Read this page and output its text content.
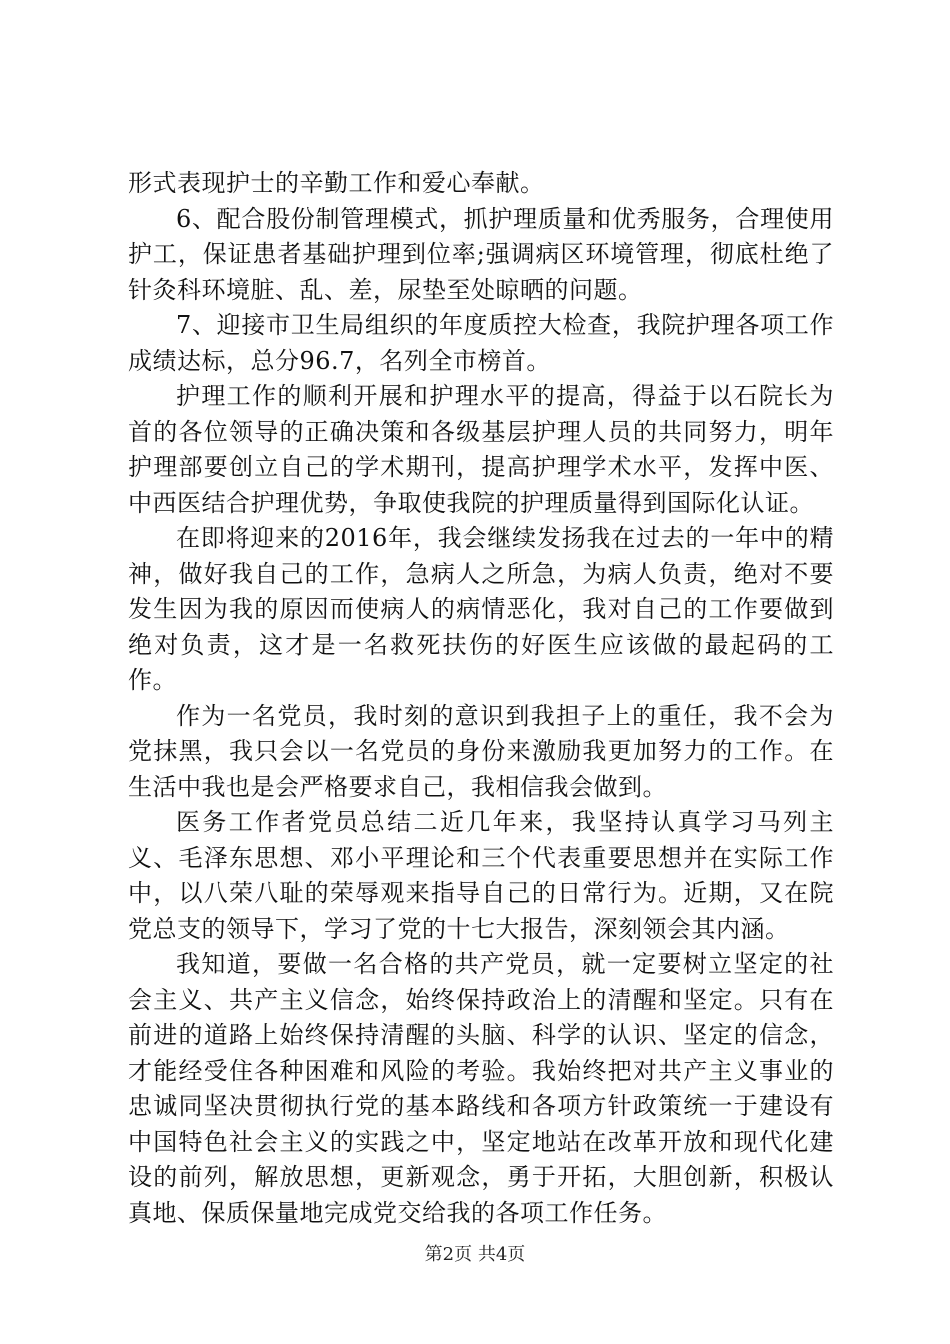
形式表现护士的辛勤工作和爱心奉献。

6、配合股份制管理模式，抓护理质量和优秀服务，合理使用护工，保证患者基础护理到位率;强调病区环境管理，彻底杜绝了针灸科环境脏、乱、差，尿垫至处晾晒的问题。

7、迎接市卫生局组织的年度质控大检查，我院护理各项工作成绩达标，总分96.7，名列全市榜首。

护理工作的顺利开展和护理水平的提高，得益于以石院长为首的各位领导的正确决策和各级基层护理人员的共同努力，明年护理部要创立自己的学术期刊，提高护理学术水平，发挥中医、中西医结合护理优势，争取使我院的护理质量得到国际化认证。

在即将迎来的2016年，我会继续发扬我在过去的一年中的精神，做好我自己的工作，急病人之所急，为病人负责，绝对不要发生因为我的原因而使病人的病情恶化，我对自己的工作要做到绝对负责，这才是一名救死扶伤的好医生应该做的最起码的工作。

作为一名党员，我时刻的意识到我担子上的重任，我不会为党抹黑，我只会以一名党员的身份来激励我更加努力的工作。在生活中我也是会严格要求自己，我相信我会做到。

医务工作者党员总结二近几年来，我坚持认真学习马列主义、毛泽东思想、邓小平理论和三个代表重要思想并在实际工作中，以八荣八耻的荣辱观来指导自己的日常行为。近期，又在院党总支的领导下，学习了党的十七大报告，深刻领会其内涵。

我知道，要做一名合格的共产党员，就一定要树立坚定的社会主义、共产主义信念，始终保持政治上的清醒和坚定。只有在前进的道路上始终保持清醒的头脑、科学的认识、坚定的信念，才能经受住各种困难和风险的考验。我始终把对共产主义事业的忠诚同坚决贯彻执行党的基本路线和各项方针政策统一于建设有中国特色社会主义的实践之中，坚定地站在改革开放和现代化建设的前列，解放思想，更新观念，勇于开拓，大胆创新，积极认真地、保质保量地完成党交给我的各项工作任务。

第2页 共4页
